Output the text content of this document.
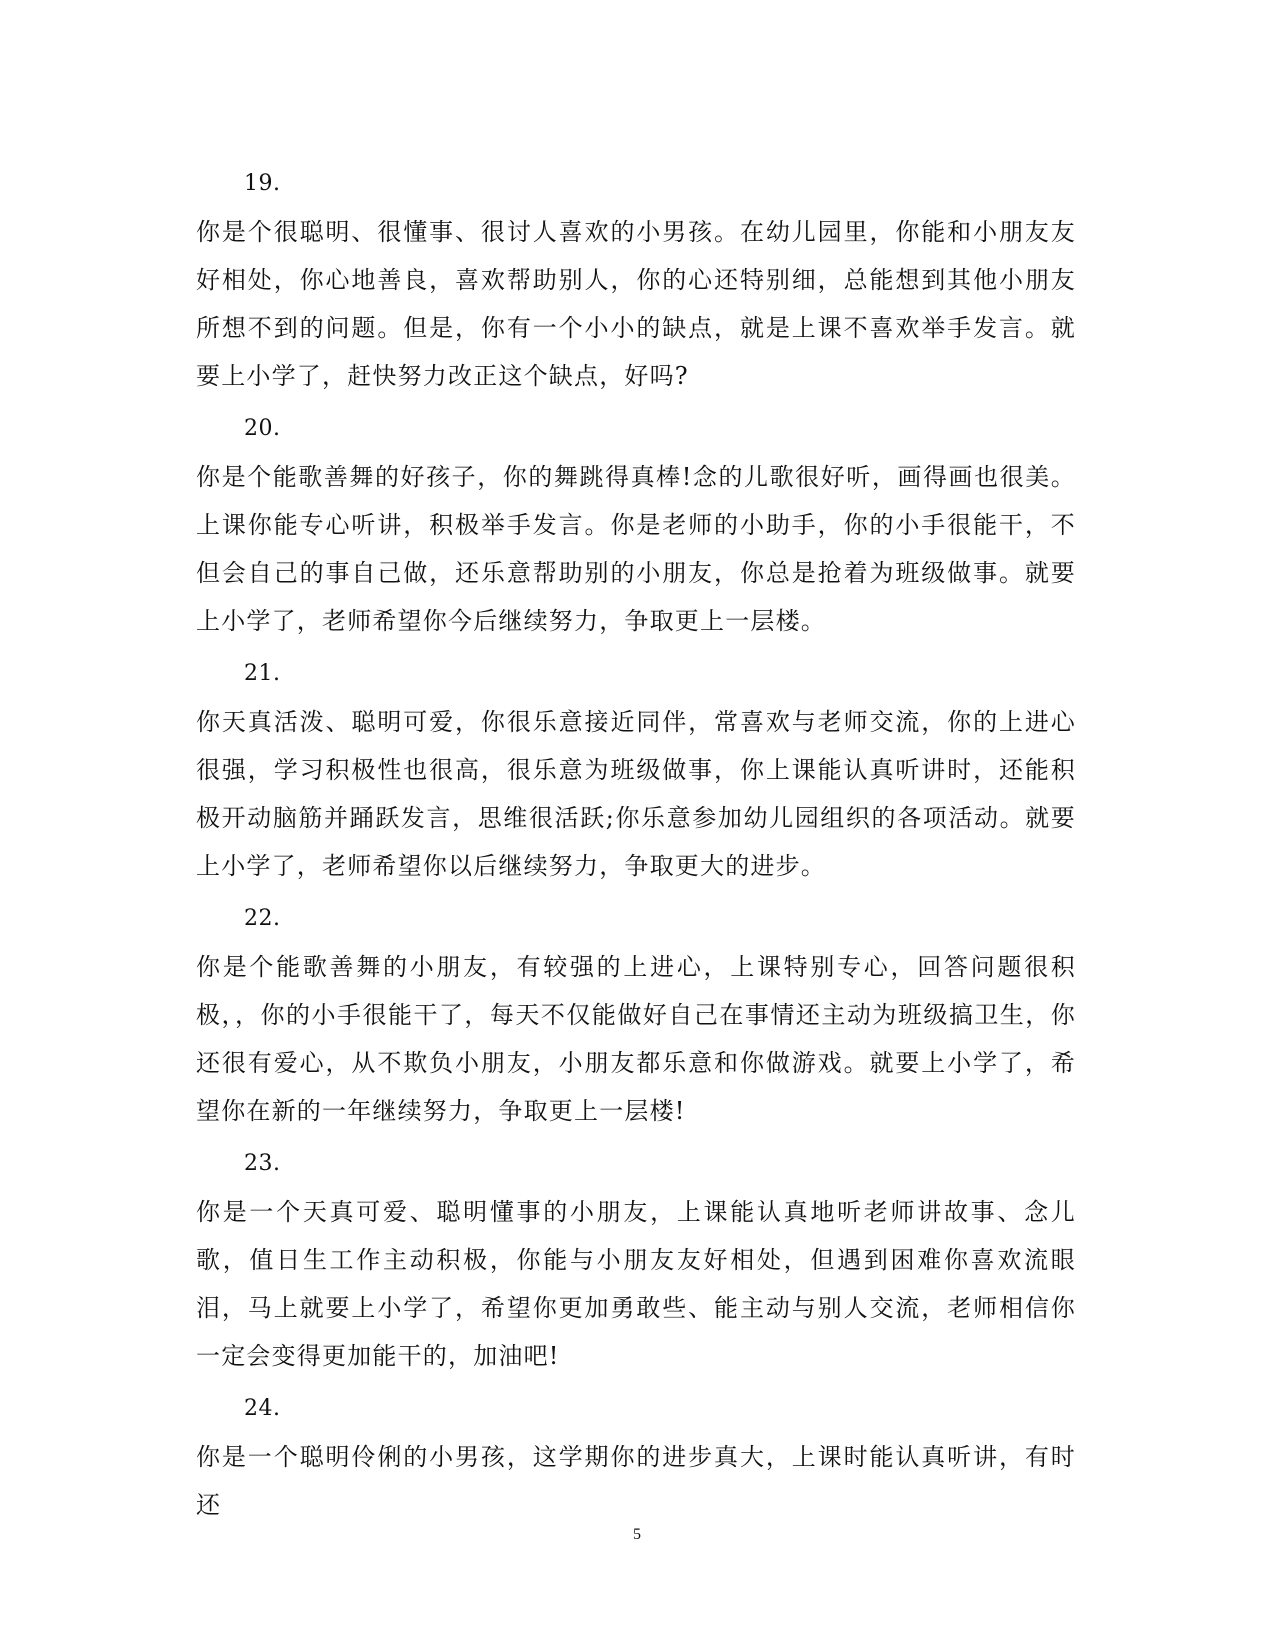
19.
你是个很聪明、很懂事、很讨人喜欢的小男孩。在幼儿园里，你能和小朋友友好相处，你心地善良，喜欢帮助别人，你的心还特别细，总能想到其他小朋友所想不到的问题。但是，你有一个小小的缺点，就是上课不喜欢举手发言。就要上小学了，赶快努力改正这个缺点，好吗?
20.
你是个能歌善舞的好孩子，你的舞跳得真棒!念的儿歌很好听，画得画也很美。上课你能专心听讲，积极举手发言。你是老师的小助手，你的小手很能干，不但会自己的事自己做，还乐意帮助别的小朋友，你总是抢着为班级做事。就要上小学了，老师希望你今后继续努力，争取更上一层楼。
21.
你天真活泼、聪明可爱，你很乐意接近同伴，常喜欢与老师交流，你的上进心很强，学习积极性也很高，很乐意为班级做事，你上课能认真听讲时，还能积极开动脑筋并踊跃发言，思维很活跃;你乐意参加幼儿园组织的各项活动。就要上小学了，老师希望你以后继续努力，争取更大的进步。
22.
你是个能歌善舞的小朋友，有较强的上进心，上课特别专心，回答问题很积极，，你的小手很能干了，每天不仅能做好自己在事情还主动为班级搞卫生，你还很有爱心，从不欺负小朋友，小朋友都乐意和你做游戏。就要上小学了，希望你在新的一年继续努力，争取更上一层楼!
23.
你是一个天真可爱、聪明懂事的小朋友，上课能认真地听老师讲故事、念儿歌，值日生工作主动积极，你能与小朋友友好相处，但遇到困难你喜欢流眼泪，马上就要上小学了，希望你更加勇敢些、能主动与别人交流，老师相信你一定会变得更加能干的，加油吧!
24.
你是一个聪明伶俐的小男孩，这学期你的进步真大，上课时能认真听讲，有时还
5
